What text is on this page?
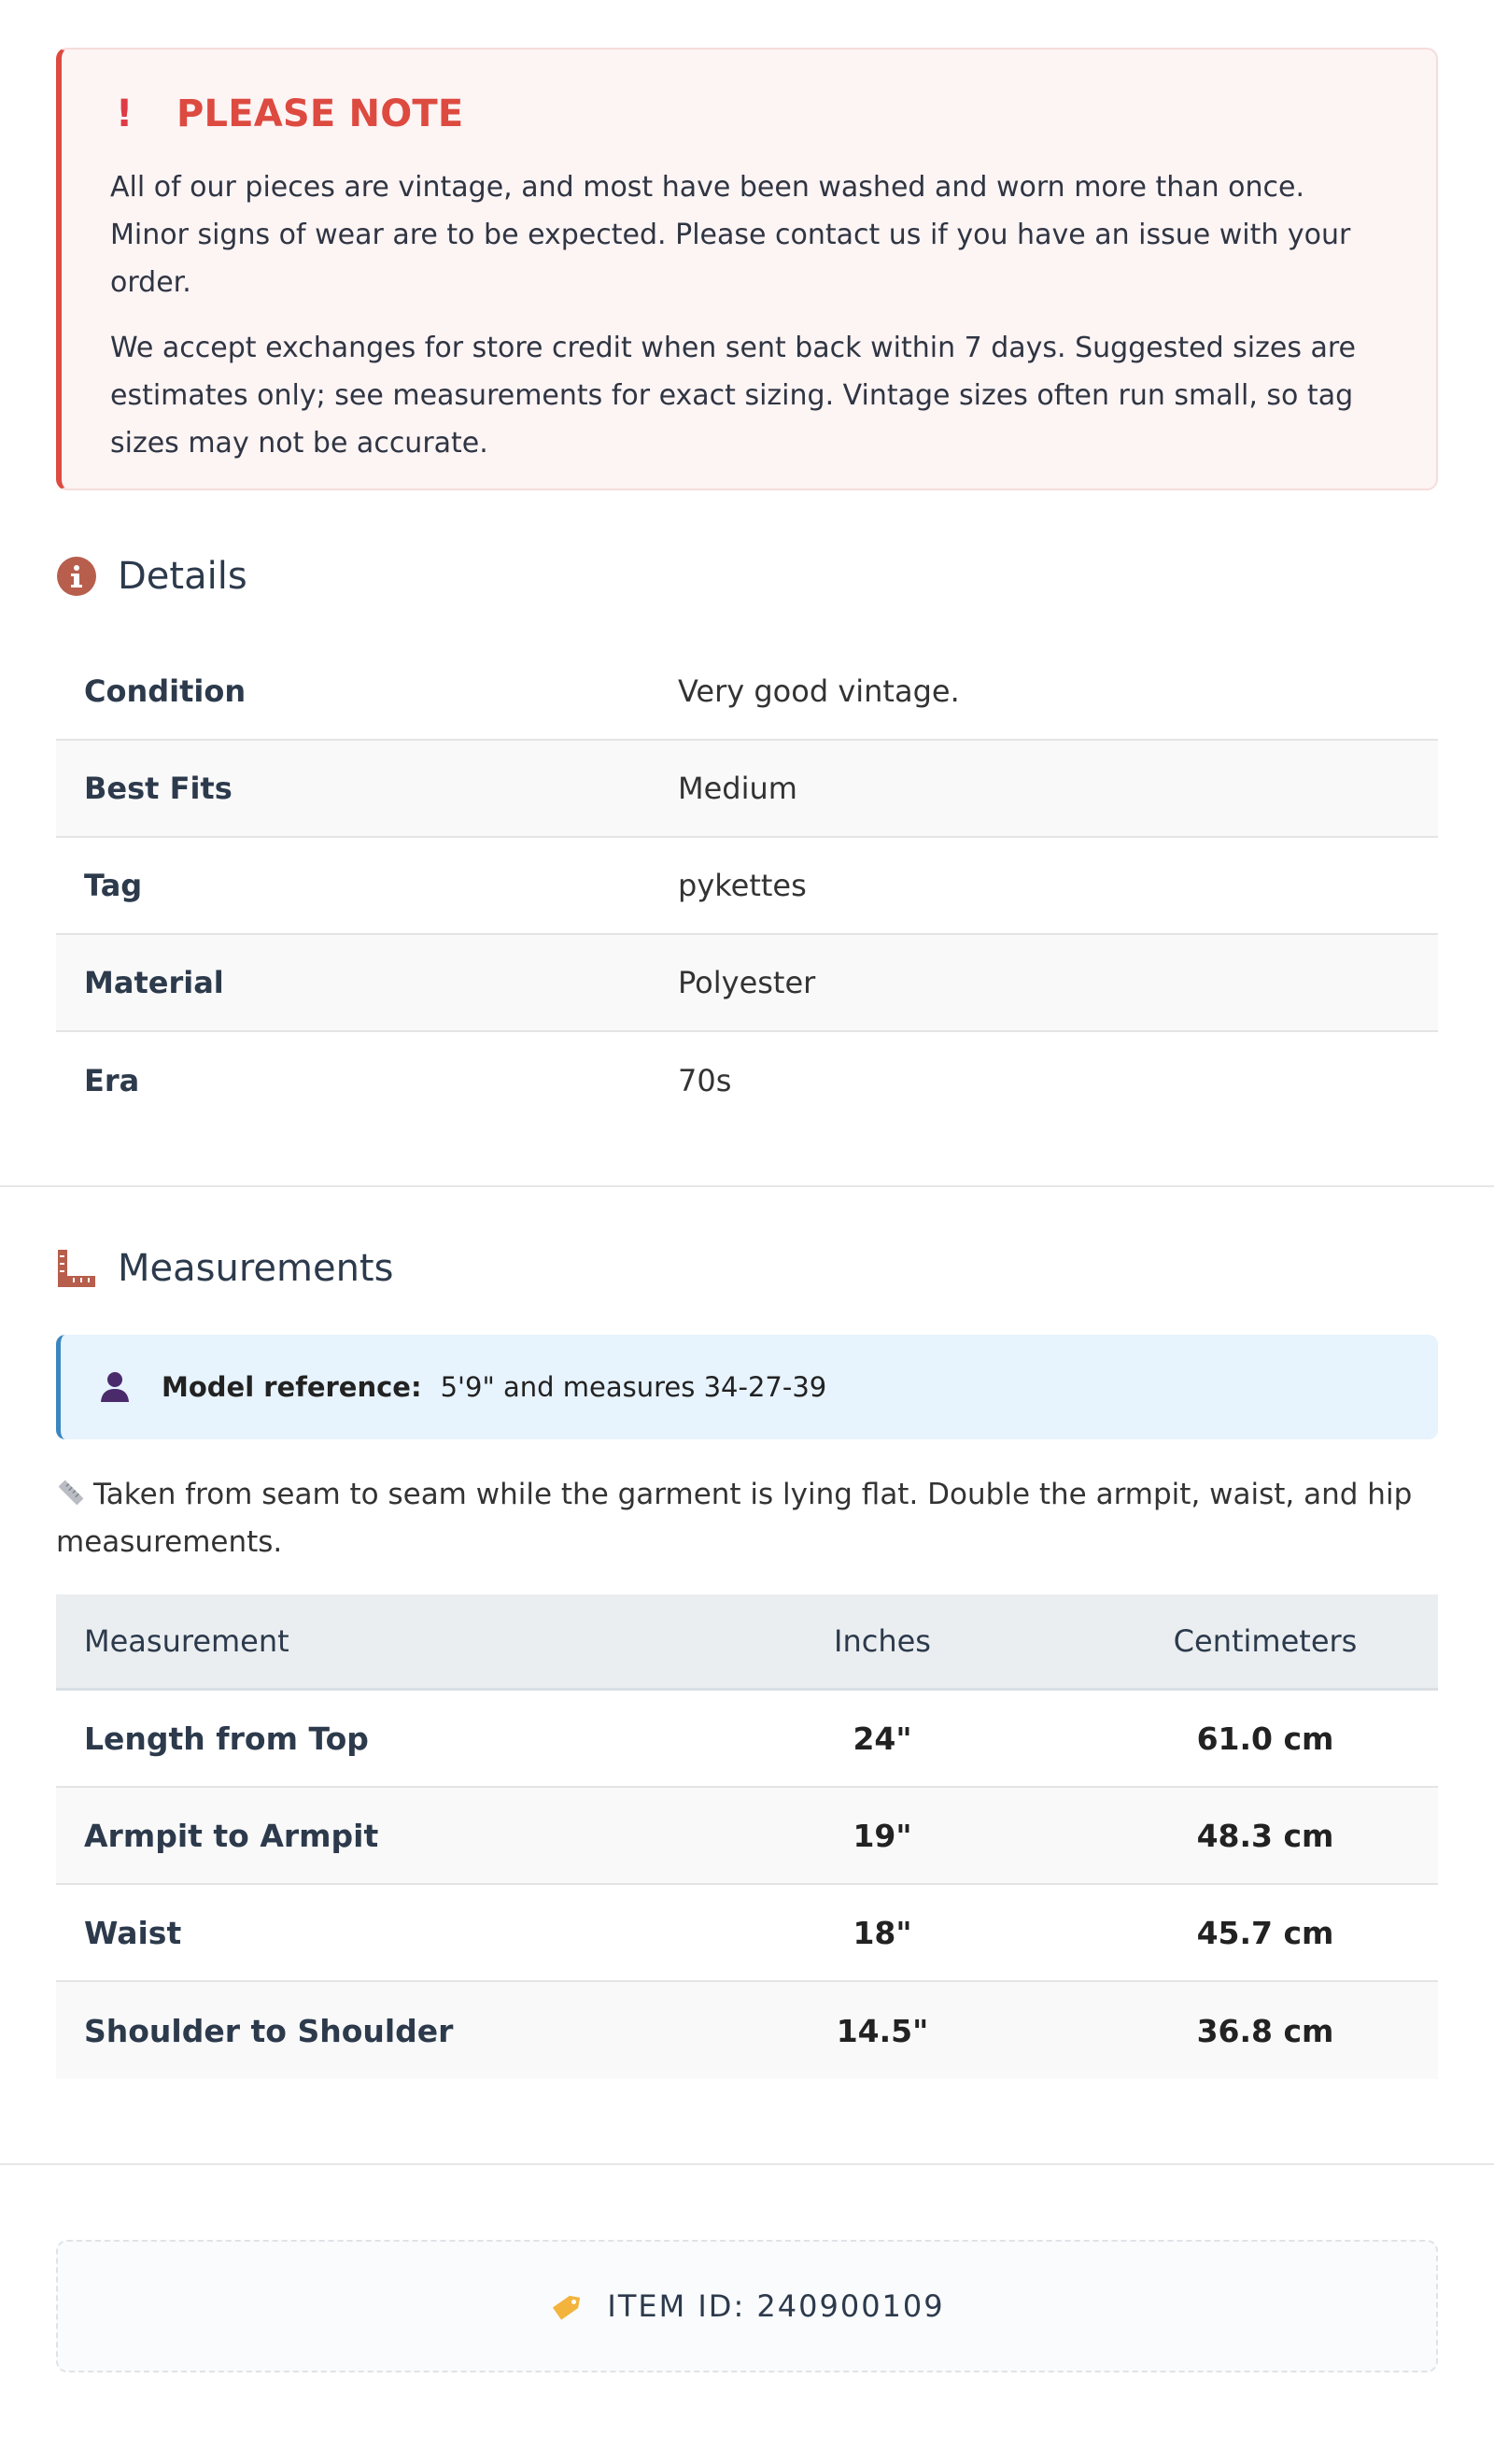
! PLEASE NOTE

All of our pieces are vintage, and most have been washed and worn more than once. Minor signs of wear are to be expected. Please contact us if you have an issue with your order.

We accept exchanges for store credit when sent back within 7 days. Suggested sizes are estimates only; see measurements for exact sizing. Vintage sizes often run small, so tag sizes may not be accurate.

Details
Condition	Very good vintage.
Best Fits	Medium
Tag	pykettes
Material	Polyester
Era	70s
Measurements
Model reference: 5'9" and measures 34-27-39
Taken from seam to seam while the garment is lying flat. Double the armpit, waist, and hip measurements.
Measurement	Inches	Centimeters
Length from Top	24"	61.0 cm
Armpit to Armpit	19"	48.3 cm
Waist	18"	45.7 cm
Shoulder to Shoulder	14.5"	36.8 cm
ITEM ID: 240900109
